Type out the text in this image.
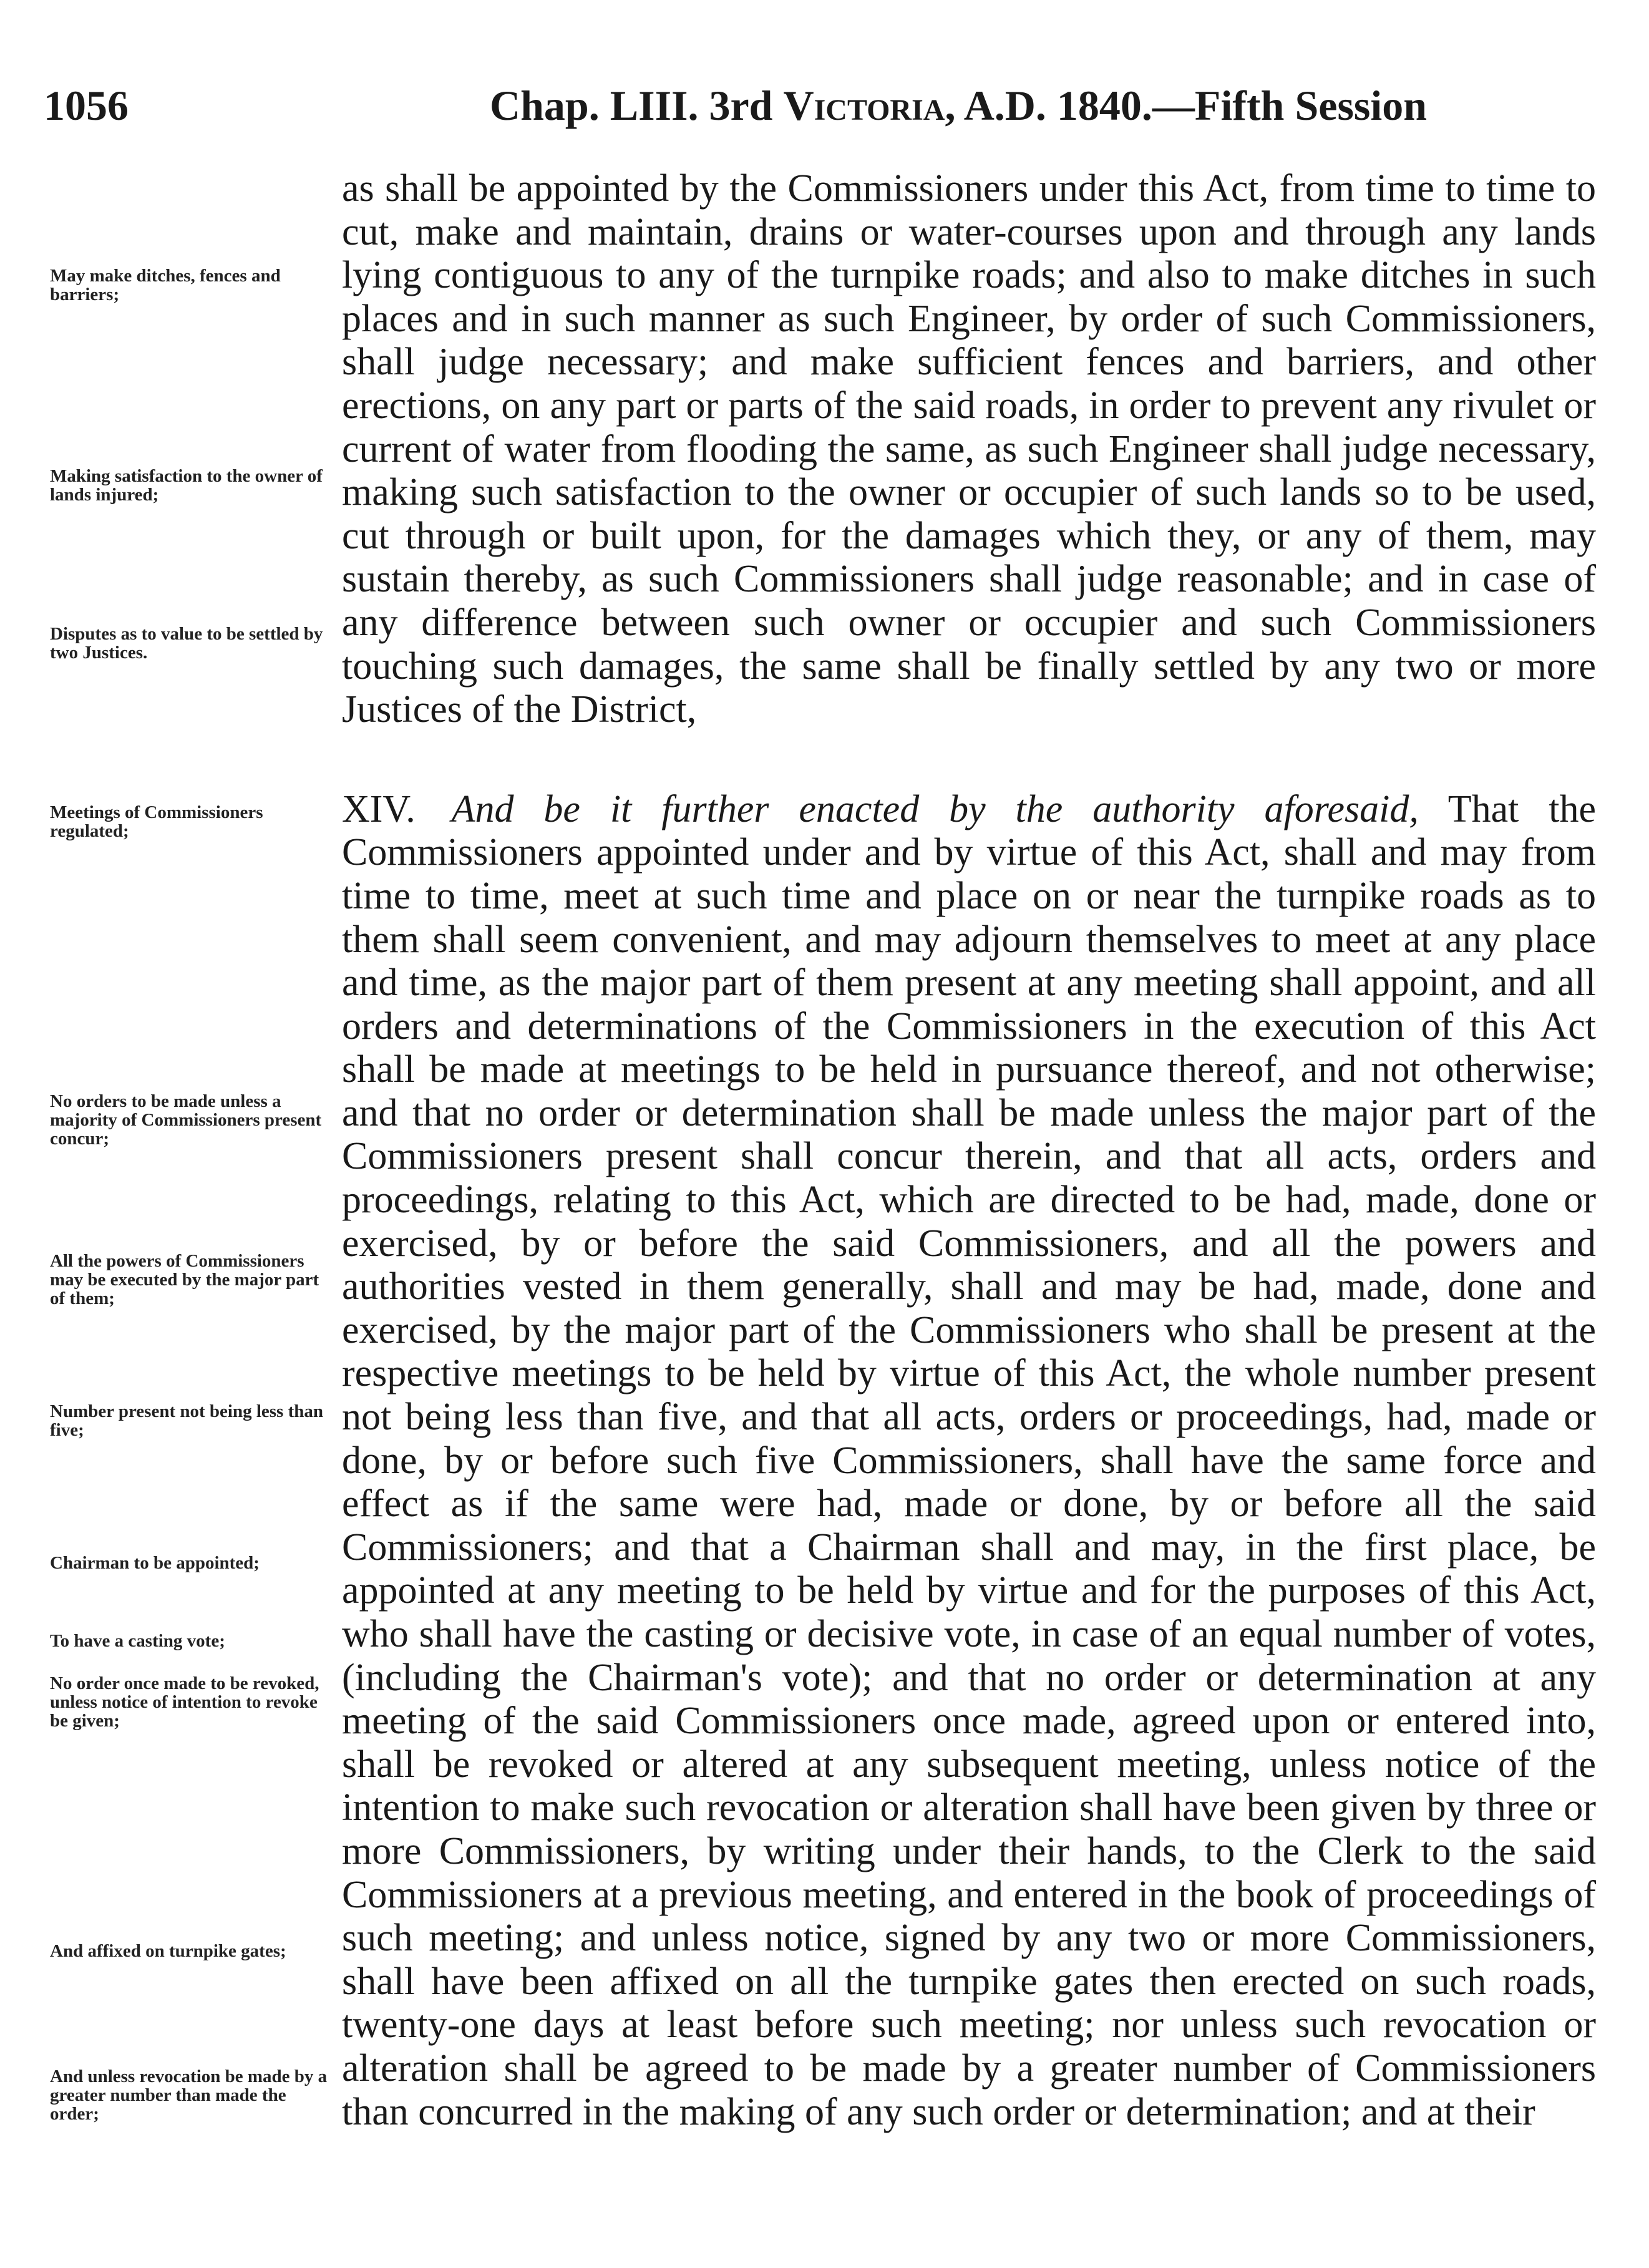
1056	Chap. LIII. 3rd Victoria, A.D. 1840.—Fifth Session
May make ditches, fences and barriers;
Making satisfaction to the owner of lands injured;
Disputes as to value to be settled by two Justices.
Meetings of Commissioners regulated;
No orders to be made unless a majority of Commissioners present concur;
All the powers of Commissioners may be executed by the major part of them;
Number present not being less than five;
Chairman to be appointed;
To have a casting vote;
No order once made to be revoked, unless notice of intention to revoke be given;
And affixed on turnpike gates;
And unless revocation be made by a greater number than made the order;

as shall be appointed by the Commissioners under this Act, from time to time to cut, make and maintain, drains or water-courses upon and through any lands lying contiguous to any of the turnpike roads; and also to make ditches in such places and in such manner as such Engineer, by order of such Commissioners, shall judge necessary; and make sufficient fences and barriers, and other erections, on any part or parts of the said roads, in order to prevent any rivulet or current of water from flooding the same, as such Engineer shall judge necessary, making such satisfaction to the owner or occupier of such lands so to be used, cut through or built upon, for the damages which they, or any of them, may sustain thereby, as such Commissioners shall judge reasonable; and in case of any difference between such owner or occupier and such Commissioners touching such damages, the same shall be finally settled by any two or more Justices of the District,

XIV. And be it further enacted by the authority aforesaid, That the Commissioners appointed under and by virtue of this Act, shall and may from time to time, meet at such time and place on or near the turnpike roads as to them shall seem convenient, and may adjourn themselves to meet at any place and time, as the major part of them present at any meeting shall appoint, and all orders and determinations of the Commissioners in the execution of this Act shall be made at meetings to be held in pursuance thereof, and not otherwise; and that no order or determination shall be made unless the major part of the Commissioners present shall concur therein, and that all acts, orders and proceedings, relating to this Act, which are directed to be had, made, done or exercised, by or before the said Commissioners, and all the powers and authorities vested in them generally, shall and may be had, made, done and exercised, by the major part of the Commissioners who shall be present at the respective meetings to be held by virtue of this Act, the whole number present not being less than five, and that all acts, orders or proceedings, had, made or done, by or before such five Commissioners, shall have the same force and effect as if the same were had, made or done, by or before all the said Commissioners; and that a Chairman shall and may, in the first place, be appointed at any meeting to be held by virtue and for the purposes of this Act, who shall have the casting or decisive vote, in case of an equal number of votes, (including the Chairman's vote); and that no order or determination at any meeting of the said Commissioners once made, agreed upon or entered into, shall be revoked or altered at any subsequent meeting, unless notice of the intention to make such revocation or alteration shall have been given by three or more Commissioners, by writing under their hands, to the Clerk to the said Commissioners at a previous meeting, and entered in the book of proceedings of such meeting; and unless notice, signed by any two or more Commissioners, shall have been affixed on all the turnpike gates then erected on such roads, twenty-one days at least before such meeting; nor unless such revocation or alteration shall be agreed to be made by a greater number of Commissioners than concurred in the making of any such order or determination; and at their
